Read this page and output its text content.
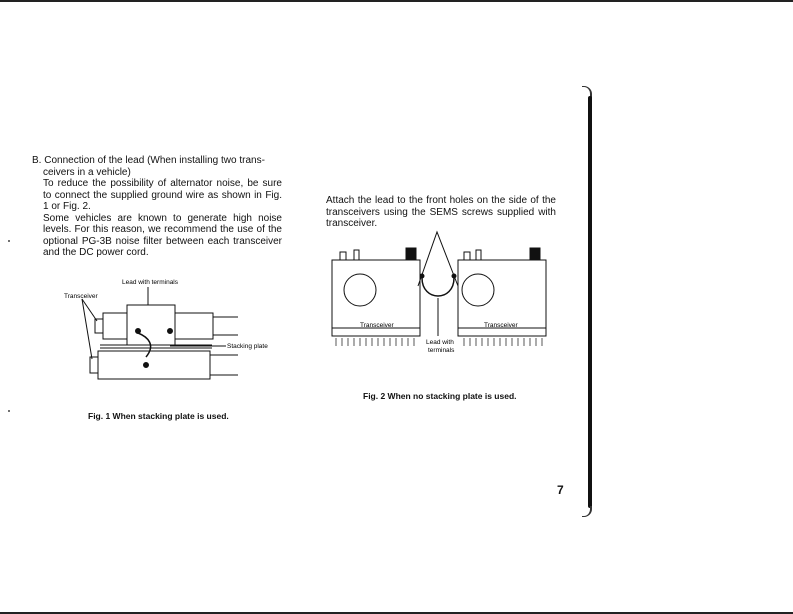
B. Connection of the lead (When installing two trans-
ceivers in a vehicle)
To reduce the possibility of alternator noise, be sure to connect the supplied ground wire as shown in Fig. 1 or Fig. 2.
Some vehicles are known to generate high noise levels. For this reason, we recommend the use of the optional PG-3B noise filter between each transceiver and the DC power cord.
Attach the lead to the front holes on the side of the transceivers using the SEMS screws supplied with transceiver.
Lead with terminals
Transceiver
Stacking plate
Transceiver	Transceiver
Lead with
terminals
Fig. 1 When stacking plate is used.
Fig. 2 When no stacking plate is used.
7
